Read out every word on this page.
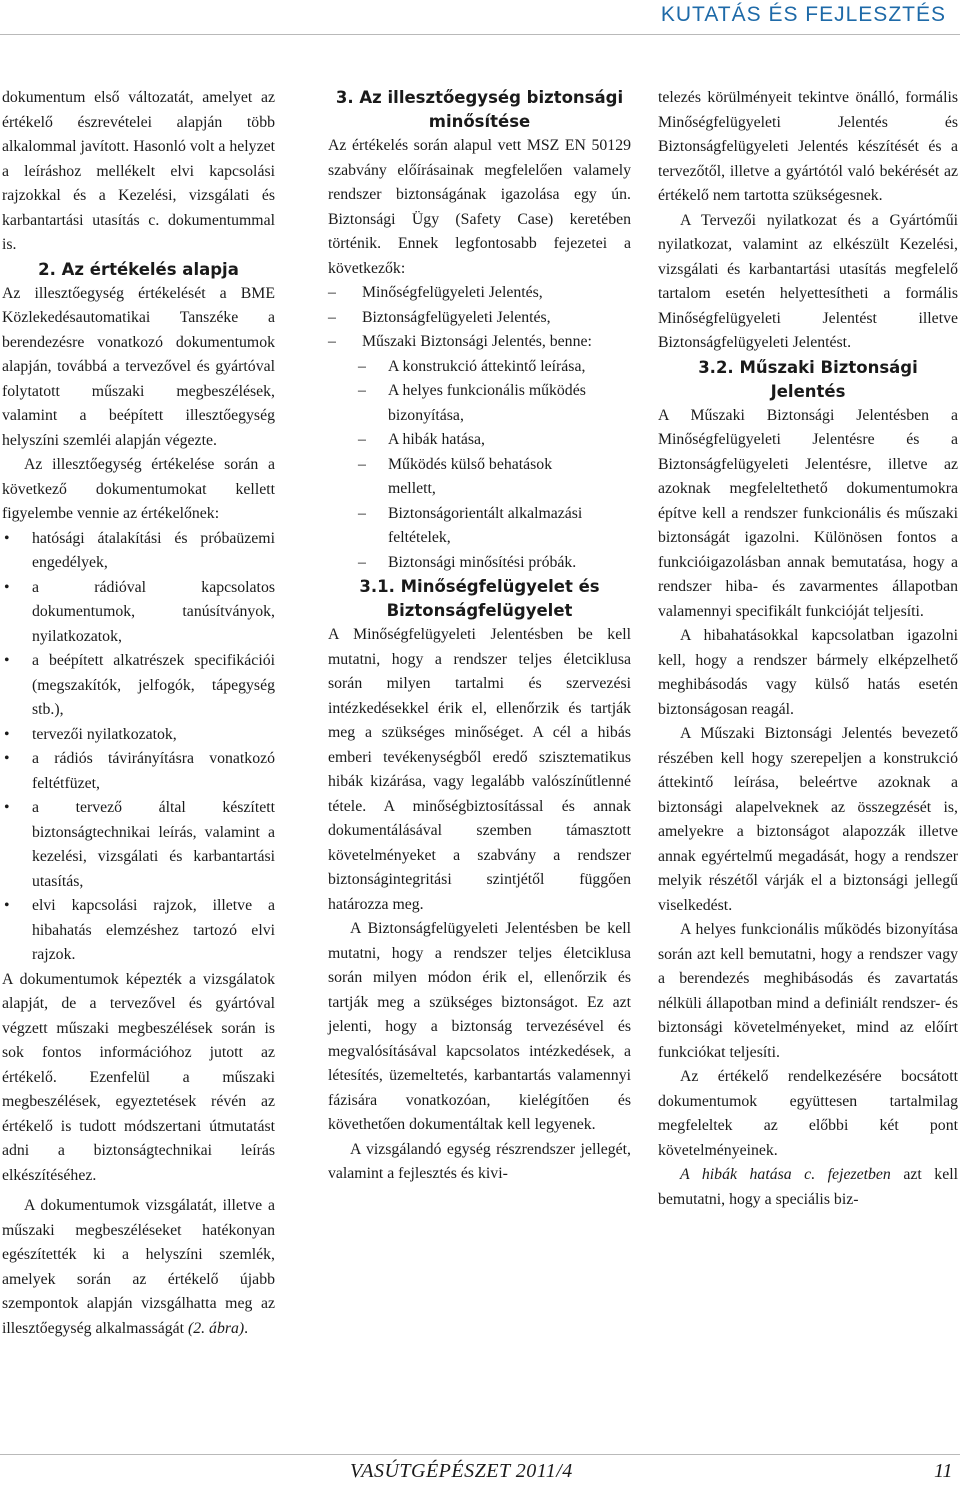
KUTATÁS ÉS FEJLESZTÉS

dokumentum első változatát, amelyet az értékelő észrevételei alapján több alkalommal javított. Hasonló volt a helyzet a leíráshoz mellékelt elvi kapcsolási rajzokkal és a Kezelési, vizsgálati és karbantartási utasítás c. dokumentummal is.

2. Az értékelés alapja

Az illesztőegység értékelését a BME Közlekedésautomatikai Tanszéke a berendezésre vonatkozó dokumentumok alapján, továbbá a tervezővel és gyártóval folytatott műszaki megbeszélések, valamint a beépített illesztőegység helyszíni szemléi alapján végezte.

Az illesztőegység értékelése során a következő dokumentumokat kellett figyelembe vennie az értékelőnek:

• hatósági átalakítási és próbaüzemi engedélyek,
• a rádióval kapcsolatos dokumentumok, tanúsítványok, nyilatkozatok,
• a beépített alkatrészek specifikációi (megszakítók, jelfogók, tápegység stb.),
• tervezői nyilatkozatok,
• a rádiós távirányításra vonatkozó feltétfüzet,
• a tervező által készített biztonságtechnikai leírás, valamint a kezelési, vizsgálati és karbantartási utasítás,
• elvi kapcsolási rajzok, illetve a hibahatás elemzéshez tartozó elvi rajzok.

A dokumentumok képezték a vizsgálatok alapját, de a tervezővel és gyártóval végzett műszaki megbeszélések során is sok fontos információhoz jutott az értékelő. Ezenfelül a műszaki megbeszélések, egyeztetések révén az értékelő is tudott módszertani útmutatást adni a biztonságtechnikai leírás elkészítéséhez.

A dokumentumok vizsgálatát, illetve a műszaki megbeszéléseket hatékonyan egészítették ki a helyszíni szemlék, amelyek során az értékelő újabb szempontok alapján vizsgálhatta meg az illesztőegység alkalmasságát (2. ábra).

3. Az illesztőegység biztonsági minősítése

Az értékelés során alapul vett MSZ EN 50129 szabvány előírásainak megfelelően valamely rendszer biztonságának igazolása egy ún. Biztonsági Ügy (Safety Case) keretében történik. Ennek legfontosabb fejezetei a következők:

– Minőségfelügyeleti Jelentés,
– Biztonságfelügyeleti Jelentés,
– Műszaki Biztonsági Jelentés, benne:
– A konstrukció áttekintő leírása,
– A helyes funkcionális működés bizonyítása,
– A hibák hatása,
– Működés külső behatások mellett,
– Biztonságorientált alkalmazási feltételek,
– Biztonsági minősítési próbák.
3.1. Minőségfelügyelet és Biztonságfelügyelet

A Minőségfelügyeleti Jelentésben be kell mutatni, hogy a rendszer teljes életciklusa során milyen tartalmi és szervezési intézkedésekkel érik el, ellenőrzik és tartják meg a szükséges minőséget. A cél a hibás emberi tevékenységből eredő szisztematikus hibák kizárása, vagy legalább valószínűtlenné tétele. A minőségbiztosítással és annak dokumentálásával szemben támasztott követelményeket a szabvány a rendszer biztonságintegritási szintjétől függően határozza meg.

A Biztonságfelügyeleti Jelentésben be kell mutatni, hogy a rendszer teljes életciklusa során milyen módon érik el, ellenőrzik és tartják meg a szükséges biztonságot. Ez azt jelenti, hogy a biztonság tervezésével és megvalósításával kapcsolatos intézkedések, a létesítés, üzemeltetés, karbantartás valamennyi fázisára vonatkozóan, kielégítően és követhetően dokumentáltak kell legyenek.

A vizsgálandó egység részrendszer jellegét, valamint a fejlesztés és kivi-

telezés körülményeit tekintve önálló, formális Minőségfelügyeleti Jelentés és Biztonságfelügyeleti Jelentés készítését és a tervezőtől, illetve a gyártótól való bekérését az értékelő nem tartotta szükségesnek.

A Tervezői nyilatkozat és a Gyártóműi nyilatkozat, valamint az elkészült Kezelési, vizsgálati és karbantartási utasítás megfelelő tartalom esetén helyettesítheti a formális Minőségfelügyeleti Jelentést illetve Biztonságfelügyeleti Jelentést.

3.2. Műszaki Biztonsági Jelentés

A Műszaki Biztonsági Jelentésben a Minőségfelügyeleti Jelentésre és a Biztonságfelügyeleti Jelentésre, illetve az azoknak megfeleltethető dokumentumokra építve kell a rendszer funkcionális és műszaki biztonságát igazolni. Különösen fontos a funkcióigazolásban annak bemutatása, hogy a rendszer hiba- és zavarmentes állapotban valamennyi specifikált funkcióját teljesíti.

A hibahatásokkal kapcsolatban igazolni kell, hogy a rendszer bármely elképzelhető meghibásodás vagy külső hatás esetén biztonságosan reagál.

A Műszaki Biztonsági Jelentés bevezető részében kell hogy szerepeljen a konstrukció áttekintő leírása, beleértve azoknak a biztonsági alapelveknek az összegzését is, amelyekre a biztonságot alapozzák illetve annak egyértelmű megadását, hogy a rendszer melyik részétől várják el a biztonsági jellegű viselkedést.

A helyes funkcionális működés bizonyítása során azt kell bemutatni, hogy a rendszer vagy a berendezés meghibásodás és zavartatás nélküli állapotban mind a definiált rendszer- és biztonsági követelményeket, mind az előírt funkciókat teljesíti.

Az értékelő rendelkezésére bocsátott dokumentumok együttesen tartalmilag megfeleltek az előbbi két pont követelményeinek.

A hibák hatása c. fejezetben azt kell bemutatni, hogy a speciális biz-

VASÚTGÉPÉSZET 2011/4	11
